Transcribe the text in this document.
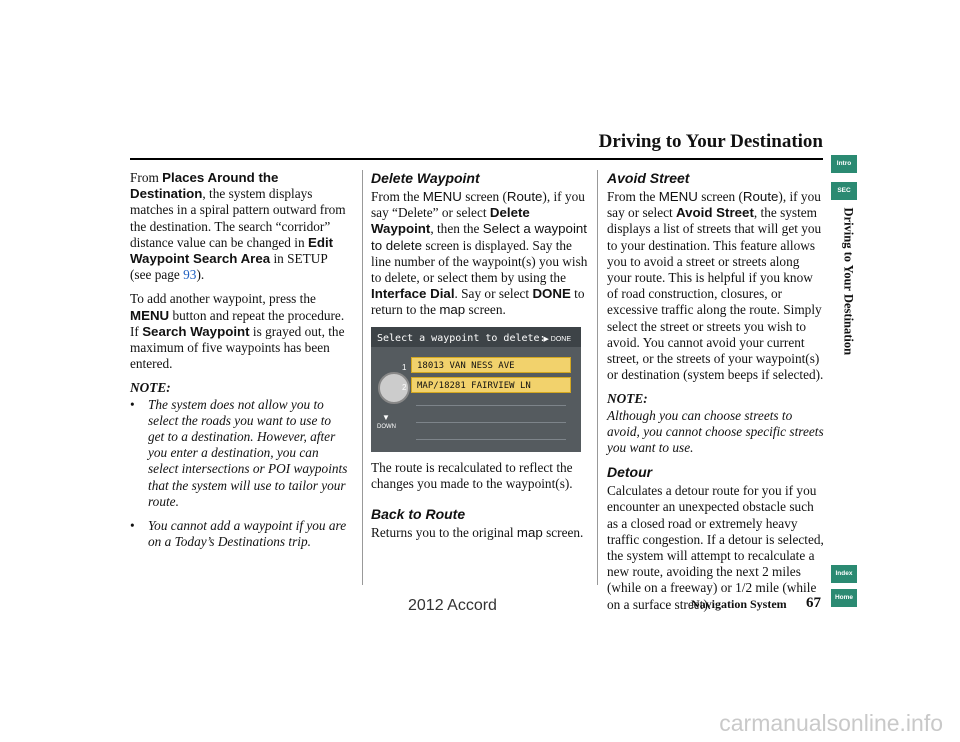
Driving to Your Destination

From Places Around the Destination, the system displays matches in a spiral pattern outward from the destination. The search “corridor” distance value can be changed in Edit Waypoint Search Area in SETUP (see page 93).

To add another waypoint, press the MENU button and repeat the procedure. If Search Waypoint is grayed out, the maximum of five waypoints has been entered.

NOTE:
• The system does not allow you to select the roads you want to use to get to a destination. However, after you enter a destination, you can select intersections or POI waypoints that the system will use to tailor your route.
• You cannot add a waypoint if you are on a Today’s Destinations trip.
Delete Waypoint

From the MENU screen (Route), if you say “Delete” or select Delete Waypoint, then the Select a waypoint to delete screen is displayed. Say the line number of the waypoint(s) you wish to delete, or select them by using the Interface Dial. Say or select DONE to return to the map screen.

Select a waypoint to delete:
▶ DONE
▼
DOWN
1	18013 VAN NESS AVE
2	MAP/18281 FAIRVIEW LN

The route is recalculated to reflect the changes you made to the waypoint(s).

Back to Route

Returns you to the original map screen.

Avoid Street

From the MENU screen (Route), if you say or select Avoid Street, the system displays a list of streets that will get you to your destination. This feature allows you to avoid a street or streets along your route. This is helpful if you know of road construction, closures, or excessive traffic along the route. Simply select the street or streets you wish to avoid. You cannot avoid your current street, or the streets of your waypoint(s) or destination (system beeps if selected).

NOTE:

Although you can choose streets to avoid, you cannot choose specific streets you want to use.

Detour

Calculates a detour route for you if you encounter an unexpected obstacle such as a closed road or extremely heavy traffic congestion. If a detour is selected, the system will attempt to recalculate a new route, avoiding the next 2 miles (while on a freeway) or 1/2 mile (while on a surface street).

Intro
SEC
Driving to Your Destination
Index
Home
Navigation System 67
2012 Accord
carmanualsonline.info
